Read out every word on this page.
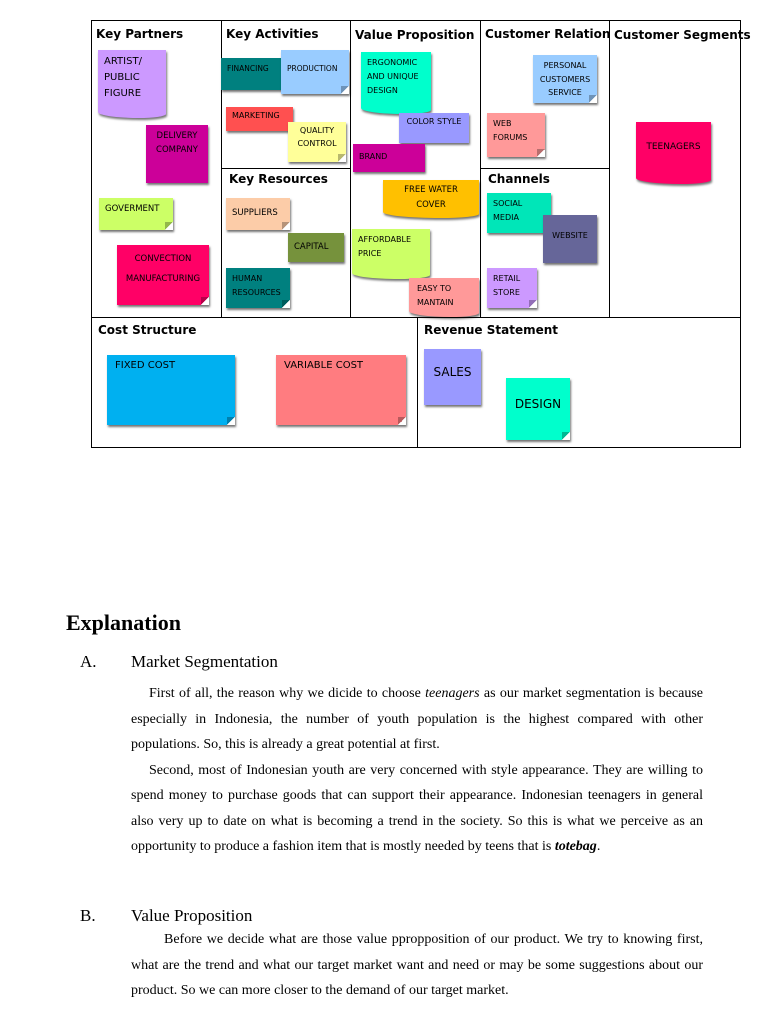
Key Partners	Key Activities	Value Proposition Customer Relation Customer Segments
Key Resources	Channels
Cost Structure	Revenue Statement
ARTIST/ PUBLIC FIGURE
DELIVERY COMPANY
GOVERMENT
CONVECTION MANUFACTURING
FINANCING	PRODUCTION
MARKETING
QUALITY CONTROL
SUPPLIERS
CAPITAL
HUMAN RESOURCES
ERGONOMIC AND UNIQUE DESIGN
COLOR STYLE
BRAND
FREE WATER COVER
AFFORDABLE PRICE
EASY TO MANTAIN
PERSONAL CUSTOMERS SERVICE
WEB FORUMS
SOCIAL MEDIA
WEBSITE
RETAIL STORE
TEENAGERS
FIXED COST	VARIABLE COST	SALES
DESIGN
Explanation
A. Market Segmentation

First of all, the reason why we dicide to choose teenagers as our market segmentation is because especially in Indonesia, the number of youth population is the highest compared with other populations. So, this is already a great potential at first.

Second, most of Indonesian youth are very concerned with style appearance. They are willing to spend money to purchase goods that can support their appearance. Indonesian teenagers in general also very up to date on what is becoming a trend in the society. So this is what we perceive as an opportunity to produce a fashion item that is mostly needed by teens that is totebag.

B. Value Proposition

Before we decide what are those value ppropposition of our product. We try to knowing first, what are the trend and what our target market want and need or may be some suggestions about our product. So we can more closer to the demand of our target market.
